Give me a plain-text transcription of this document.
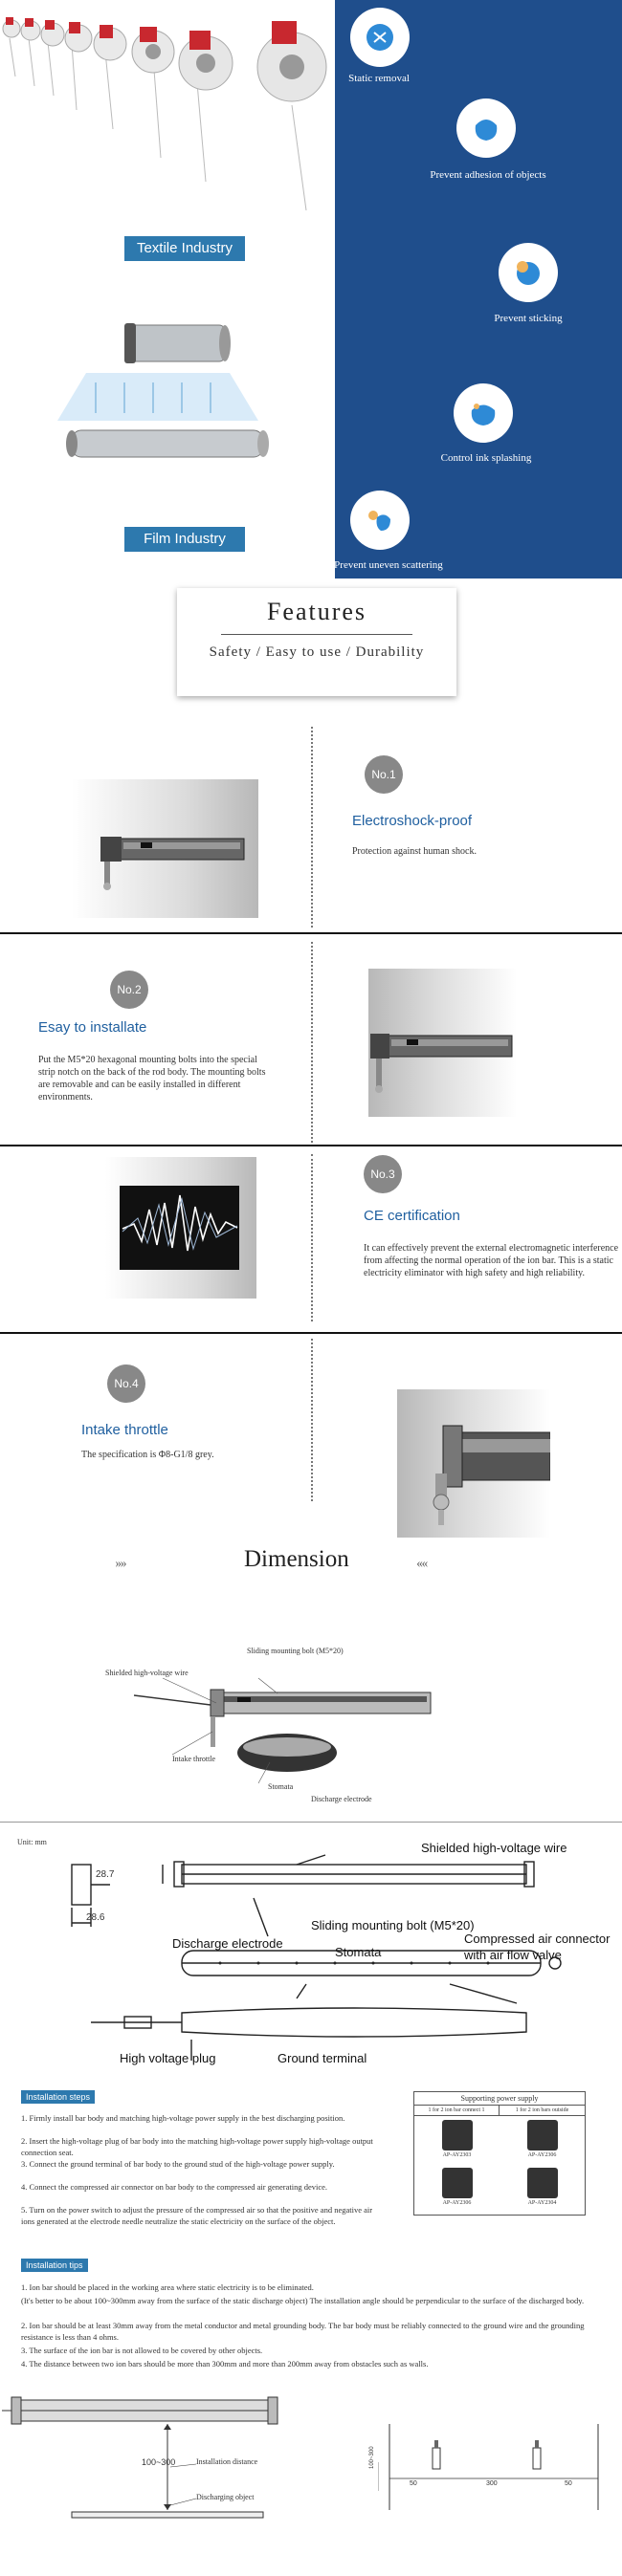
Textile Industry
Film Industry
Static removal
Prevent adhesion of objects
Prevent sticking
Control ink splashing
Prevent uneven scattering
Features
Safety / Easy to use / Durability
No.1
Electroshock-proof
Protection against human shock.
No.2
Esay to installate
Put the M5*20 hexagonal mounting bolts into the special strip notch on the back of the rod body. The mounting bolts are removable and can be easily installed in different environments.
No.3
CE certification
It can effectively prevent the external electromagnetic interference from affecting the normal operation of the ion bar. This is a static electricity eliminator with high safety and high reliability.
No.4
Intake throttle
The specification is Φ8-G1/8 grey.
››››	Dimension	‹‹‹‹
Sliding mounting bolt (M5*20)
Shielded high-voltage wire
Intake throttle
Stomata
Discharge electrode
Unit: mm
28.7
28.6
Shielded high-voltage wire
Sliding mounting bolt (M5*20)
Discharge electrode
Stomata
Compressed air connector
with air flow valve
High voltage plug	Ground terminal
Installation steps
1. Firmly install bar body and matching high-voltage power supply in the best discharging position.
2. Insert the high-voltage plug of bar body into the matching high-voltage power supply high-voltage output connection seat.
3. Connect the ground terminal of bar body to the ground stud of the high-voltage power supply.
4. Connect the compressed air connector on bar body to the compressed air generating device.
5. Turn on the power switch to adjust the pressure of the compressed air so that the positive and negative air ions generated at the electrode needle neutralize the static electricity on the surface of the object.
Supporting power supply
1 for 2 ion bar connect 1	1 for 2 ion bars outside
AP-AY2303	AP-AY2306
AP-AY2306	AP-AY2304
Installation tips
1. Ion bar should be placed in the working area where static electricity is to be eliminated.
(It's better to be about 100~300mm away from the surface of the static discharge object) The installation angle should be perpendicular to the surface of the discharged body.
2. Ion bar should be at least 30mm away from the metal conductor and metal grounding body. The bar body must be reliably connected to the ground wire and the grounding resistance is less than 4 ohms.
3. The surface of the ion bar is not allowed to be covered by other objects.
4. The distance between two ion bars should be more than 300mm and more than 200mm away from obstacles such as walls.
100~300	Installation distance
Discharging object
50	300	50
100~300
